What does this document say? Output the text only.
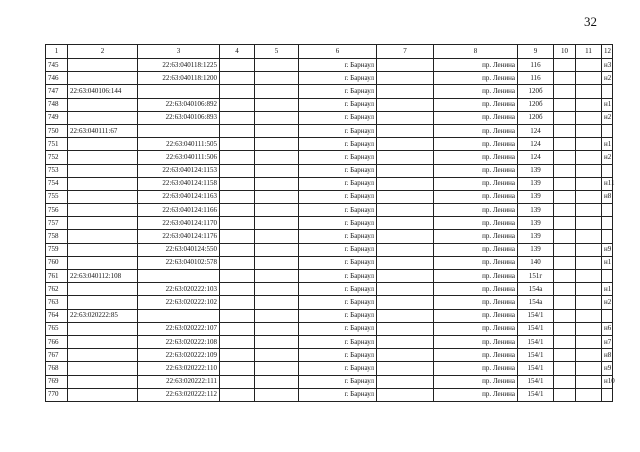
32
1	2	3	4	5	6	7	8	9	10	11	12
745		22:63:040118:1225			г. Барнаул		пр. Ленина	116			н3
746		22:63:040118:1200			г. Барнаул		пр. Ленина	116			н2
747	22:63:040106:144				г. Барнаул		пр. Ленина	120б			
748		22:63:040106:892			г. Барнаул		пр. Ленина	120б			н1
749		22:63:040106:893			г. Барнаул		пр. Ленина	120б			н2
750	22:63:040111:67				г. Барнаул		пр. Ленина	124			
751		22:63:040111:505			г. Барнаул		пр. Ленина	124			н1
752		22:63:040111:506			г. Барнаул		пр. Ленина	124			н2
753		22:63:040124:1153			г. Барнаул		пр. Ленина	139			
754		22:63:040124:1158			г. Барнаул		пр. Ленина	139			н11
755		22:63:040124:1163			г. Барнаул		пр. Ленина	139			н8
756		22:63:040124:1166			г. Барнаул		пр. Ленина	139			
757		22:63:040124:1170			г. Барнаул		пр. Ленина	139			
758		22:63:040124:1176			г. Барнаул		пр. Ленина	139			
759		22:63:040124:550			г. Барнаул		пр. Ленина	139			н9
760		22:63:040102:578			г. Барнаул		пр. Ленина	140			н1
761	22:63:040112:108				г. Барнаул		пр. Ленина	151г			
762		22:63:020222:103			г. Барнаул		пр. Ленина	154а			н1
763		22:63:020222:102			г. Барнаул		пр. Ленина	154а			н2
764	22:63:020222:85				г. Барнаул		пр. Ленина	154/1			
765		22:63:020222:107			г. Барнаул		пр. Ленина	154/1			н6
766		22:63:020222:108			г. Барнаул		пр. Ленина	154/1			н7
767		22:63:020222:109			г. Барнаул		пр. Ленина	154/1			н8
768		22:63:020222:110			г. Барнаул		пр. Ленина	154/1			н9
769		22:63:020222:111			г. Барнаул		пр. Ленина	154/1			н10
770		22:63:020222:112			г. Барнаул		пр. Ленина	154/1			
